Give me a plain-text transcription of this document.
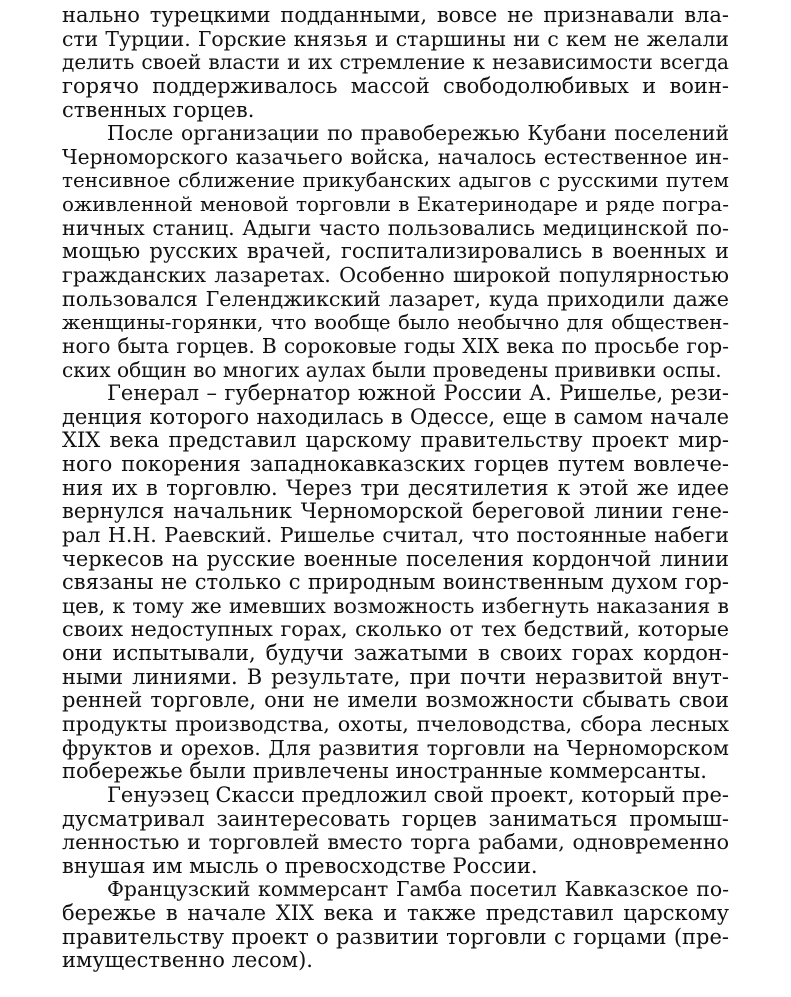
нально турецкими подданными, вовсе не признавали вла-
сти Турции. Горские князья и старшины ни с кем не желали
делить своей власти и их стремление к независимости всегда
горячо поддерживалось массой свободолюбивых и воин-
ственных горцев.
После организации по правобережью Кубани поселений
Черноморского казачьего войска, началось естественное ин-
тенсивное сближение прикубанских адыгов с русскими путем
оживленной меновой торговли в Екатеринодаре и ряде погра-
ничных станиц. Адыги часто пользовались медицинской по-
мощью русских врачей, госпитализировались в военных и
гражданских лазаретах. Особенно широкой популярностью
пользовался Геленджикский лазарет, куда приходили даже
женщины-горянки, что вообще было необычно для обществен-
ного быта горцев. В сороковые годы XIX века по просьбе гор-
ских общин во многих аулах были проведены прививки оспы.
Генерал – губернатор южной России А. Ришелье, рези-
денция которого находилась в Одессе, еще в самом начале
XIX века представил царскому правительству проект мир-
ного покорения западнокавказских горцев путем вовлече-
ния их в торговлю. Через три десятилетия к этой же идее
вернулся начальник Черноморской береговой линии гене-
рал Н.Н. Раевский. Ришелье считал, что постоянные набеги
черкесов на русские военные поселения кордончой линии
связаны не столько с природным воинственным духом гор-
цев, к тому же имевших возможность избегнуть наказания в
своих недоступных горах, сколько от тех бедствий, которые
они испытывали, будучи зажатыми в своих горах кордон-
ными линиями. В результате, при почти неразвитой внут-
ренней торговле, они не имели возможности сбывать свои
продукты производства, охоты, пчеловодства, сбора лесных
фруктов и орехов. Для развития торговли на Черноморском
побережье были привлечены иностранные коммерсанты.
Генуэзец Скасси предложил свой проект, который пре-
дусматривал заинтересовать горцев заниматься промыш-
ленностью и торговлей вместо торга рабами, одновременно
внушая им мысль о превосходстве России.
Французский коммерсант Гамба посетил Кавказское по-
бережье в начале XIX века и также представил царскому
правительству проект о развитии торговли с горцами (пре-
имущественно лесом).
